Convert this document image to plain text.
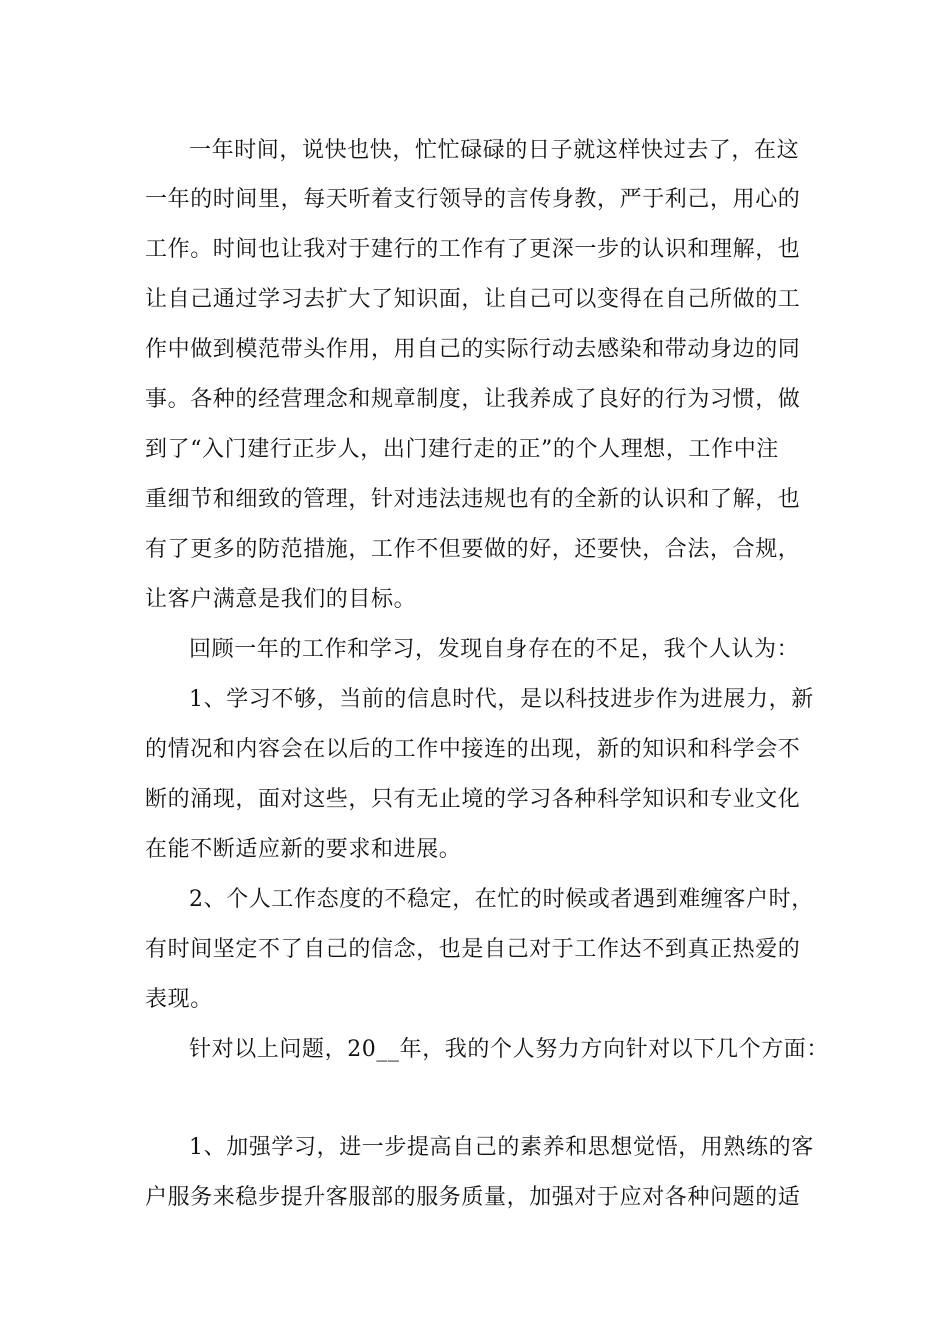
一年时间，说快也快，忙忙碌碌的日子就这样快过去了，在这
一年的时间里，每天听着支行领导的言传身教，严于利己，用心的
工作。时间也让我对于建行的工作有了更深一步的认识和理解，也
让自己通过学习去扩大了知识面，让自己可以变得在自己所做的工
作中做到模范带头作用，用自己的实际行动去感染和带动身边的同
事。各种的经营理念和规章制度，让我养成了良好的行为习惯，做
到了“入门建行正步人，出门建行走的正”的个人理想，工作中注
重细节和细致的管理，针对违法违规也有的全新的认识和了解，也
有了更多的防范措施，工作不但要做的好，还要快，合法，合规，
让客户满意是我们的目标。
回顾一年的工作和学习，发现自身存在的不足，我个人认为：
1、学习不够，当前的信息时代，是以科技进步作为进展力，新
的情况和内容会在以后的工作中接连的出现，新的知识和科学会不
断的涌现，面对这些，只有无止境的学习各种科学知识和专业文化
在能不断适应新的要求和进展。
2、个人工作态度的不稳定，在忙的时候或者遇到难缠客户时，
有时间坚定不了自己的信念，也是自己对于工作达不到真正热爱的
表现。
针对以上问题，20__年，我的个人努力方向针对以下几个方面：
1、加强学习，进一步提高自己的素养和思想觉悟，用熟练的客
户服务来稳步提升客服部的服务质量，加强对于应对各种问题的适
